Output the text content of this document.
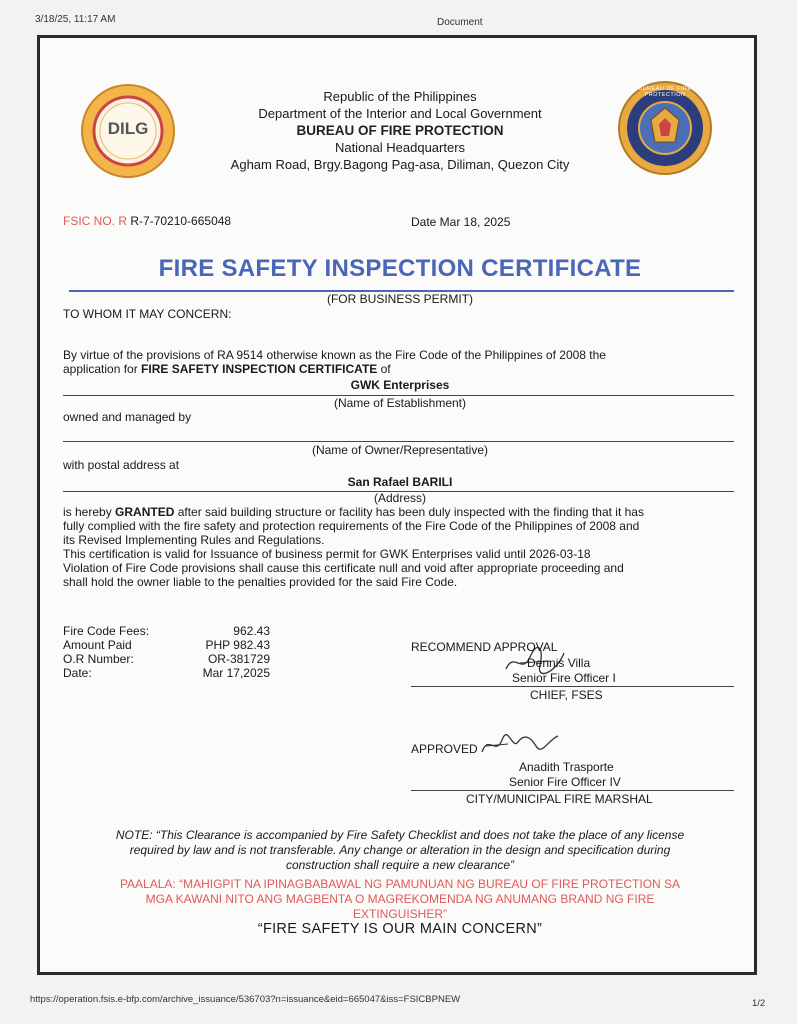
3/18/25, 11:17 AM	Document
https://operation.fsis.e-bfp.com/archive_issuance/536703?n=issuance&eid=665047&iss=FSICBPNEW	1/2
DILG
BUREAU OF FIRE PROTECTION
Republic of the Philippines
Department of the Interior and Local Government
BUREAU OF FIRE PROTECTION
National Headquarters
Agham Road, Brgy.Bagong Pag-asa, Diliman, Quezon City
FSIC NO. R R-7-70210-665048	Date Mar 18, 2025
FIRE SAFETY INSPECTION CERTIFICATE
(FOR BUSINESS PERMIT)
TO WHOM IT MAY CONCERN:
By virtue of the provisions of RA 9514 otherwise known as the Fire Code of the Philippines of 2008 the
application for FIRE SAFETY INSPECTION CERTIFICATE of
GWK Enterprises
(Name of Establishment)
owned and managed by
(Name of Owner/Representative)
with postal address at
San Rafael BARILI
(Address)
is hereby GRANTED after said building structure or facility has been duly inspected with the finding that it has
fully complied with the fire safety and protection requirements of the Fire Code of the Philippines of 2008 and
its Revised Implementing Rules and Regulations.
This certification is valid for Issuance of business permit for GWK Enterprises valid until 2026-03-18
Violation of Fire Code provisions shall cause this certificate null and void after appropriate proceeding and
shall hold the owner liable to the penalties provided for the said Fire Code.
Fire Code Fees:	962.43
Amount Paid	PHP 982.43
O.R Number:	OR-381729
Date:	Mar 17,2025
RECOMMEND APPROVAL
Dennis Villa
Senior Fire Officer I
CHIEF, FSES
APPROVED
Anadith Trasporte
Senior Fire Officer IV
CITY/MUNICIPAL FIRE MARSHAL
NOTE: “This Clearance is accompanied by Fire Safety Checklist and does not take the place of any license
required by law and is not transferable. Any change or alteration in the design and specification during
construction shall require a new clearance”
PAALALA: “MAHIGPIT NA IPINAGBABAWAL NG PAMUNUAN NG BUREAU OF FIRE PROTECTION SA
MGA KAWANI NITO ANG MAGBENTA O MAGREKOMENDA NG ANUMANG BRAND NG FIRE
EXTINGUISHER”
“FIRE SAFETY IS OUR MAIN CONCERN”
